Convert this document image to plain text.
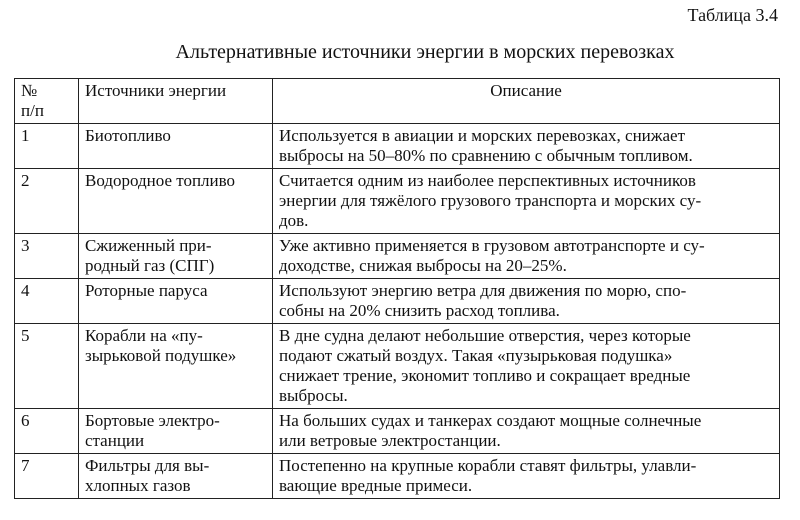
Таблица 3.4
Альтернативные источники энергии в морских перевозках
№
п/п	Источники энергии	Описание
1	Биотопливо	Используется в авиации и морских перевозках, снижает
выбросы на 50–80% по сравнению с обычным топливом.
2	Водородное топливо	Считается одним из наиболее перспективных источников
энергии для тяжёлого грузового транспорта и морских су-
дов.
3	Сжиженный при-
родный газ (СПГ)	Уже активно применяется в грузовом автотранспорте и су-
доходстве, снижая выбросы на 20–25%.
4	Роторные паруса	Используют энергию ветра для движения по морю, спо-
собны на 20% снизить расход топлива.
5	Корабли на «пу-
зырьковой подушке»	В дне судна делают небольшие отверстия, через которые
подают сжатый воздух. Такая «пузырьковая подушка»
снижает трение, экономит топливо и сокращает вредные
выбросы.
6	Бортовые электро-
станции	На больших судах и танкерах создают мощные солнечные
или ветровые электростанции.
7	Фильтры для вы-
хлопных газов	Постепенно на крупные корабли ставят фильтры, улавли-
вающие вредные примеси.
